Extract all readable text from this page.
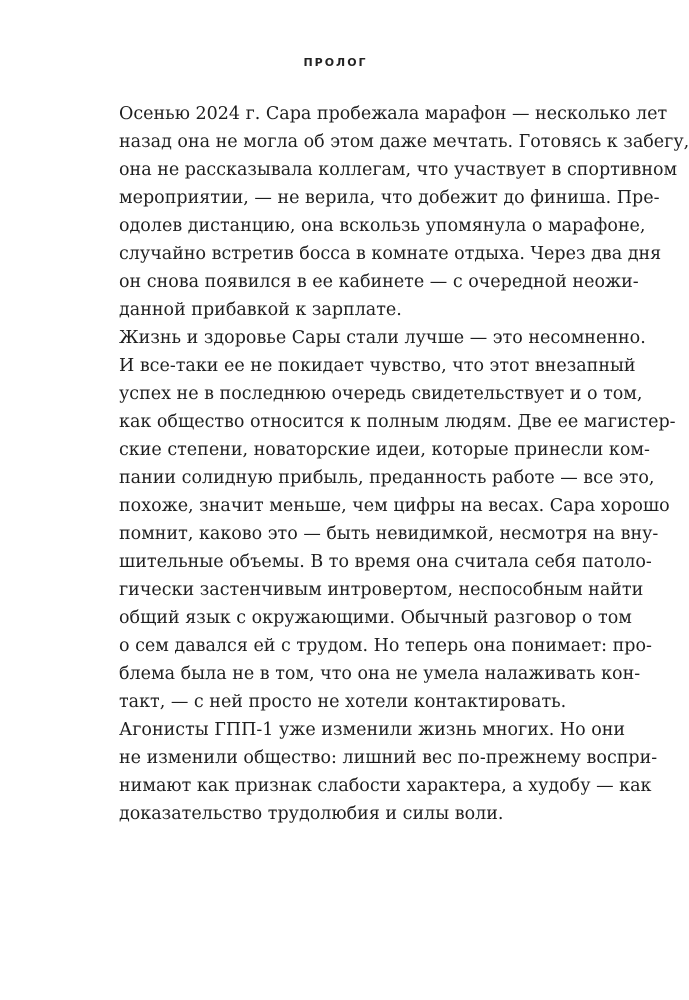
ПРОЛОГ
Осенью 2024 г. Сара пробежала марафон — несколько лет
назад она не могла об этом даже мечтать. Готовясь к забегу,
она не рассказывала коллегам, что участвует в спортивном
мероприятии, — не верила, что добежит до финиша. Пре-
одолев дистанцию, она вскользь упомянула о марафоне,
случайно встретив босса в комнате отдыха. Через два дня
он снова появился в ее кабинете — с очередной неожи-
данной прибавкой к зарплате.
Жизнь и здоровье Сары стали лучше — это несомненно.
И все-таки ее не покидает чувство, что этот внезапный
успех не в последнюю очередь свидетельствует и о том,
как общество относится к полным людям. Две ее магистер-
ские степени, новаторские идеи, которые принесли ком-
пании солидную прибыль, преданность работе — все это,
похоже, значит меньше, чем цифры на весах. Сара хорошо
помнит, каково это — быть невидимкой, несмотря на вну-
шительные объемы. В то время она считала себя патоло-
гически застенчивым интровертом, неспособным найти
общий язык с окружающими. Обычный разговор о том
о сем давался ей с трудом. Но теперь она понимает: про-
блема была не в том, что она не умела налаживать кон-
такт, — с ней просто не хотели контактировать.
Агонисты ГПП-1 уже изменили жизнь многих. Но они
не изменили общество: лишний вес по-прежнему воспри-
нимают как признак слабости характера, а худобу — как
доказательство трудолюбия и силы воли.
